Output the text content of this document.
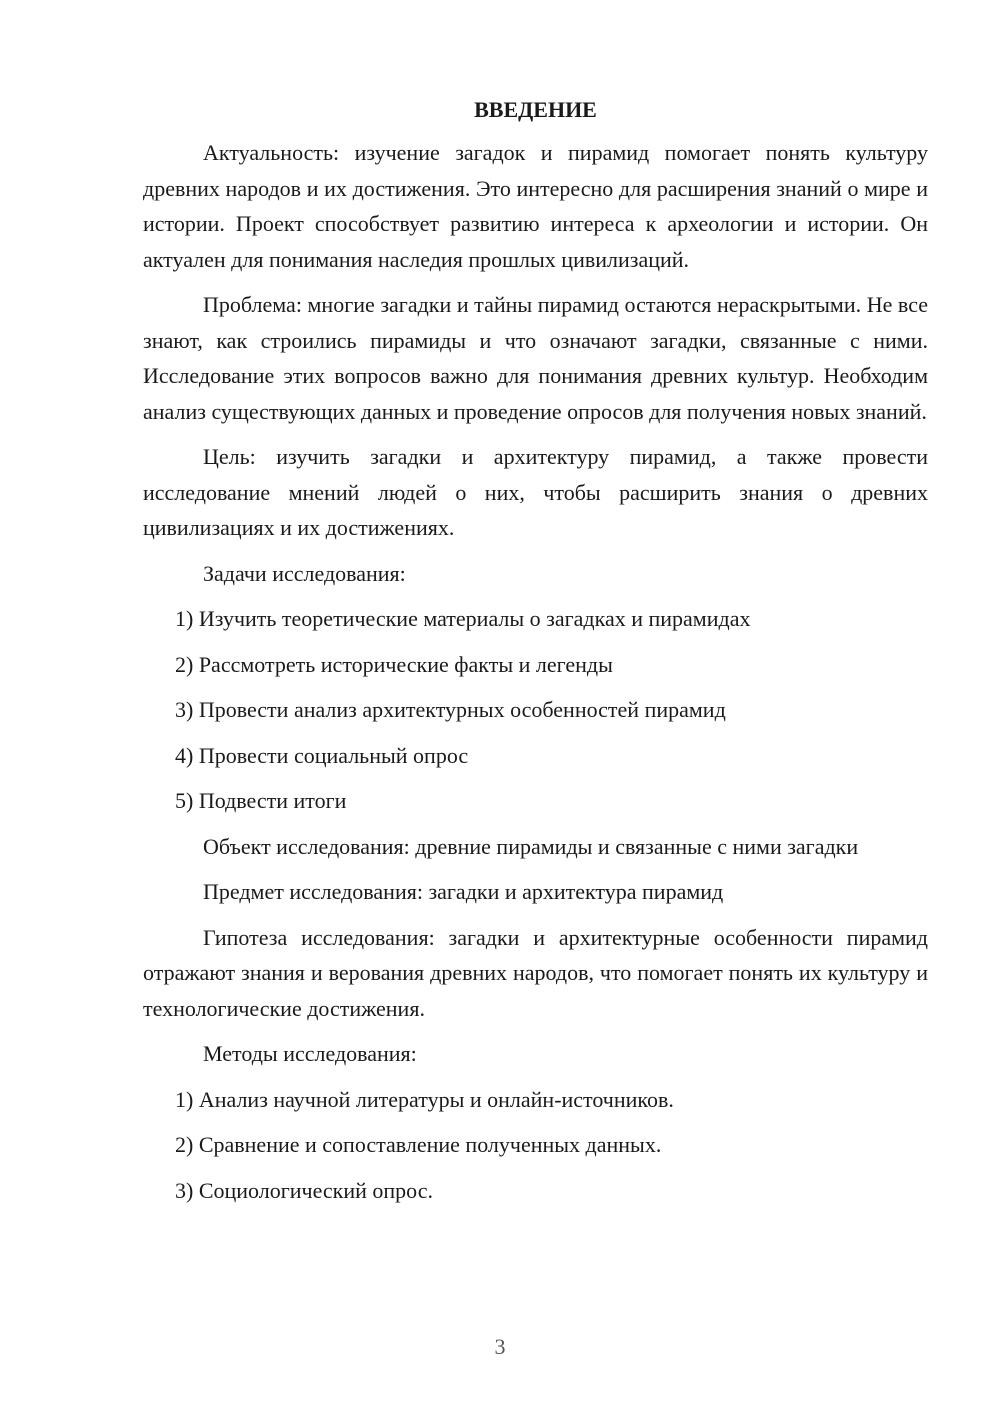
ВВЕДЕНИЕ

Актуальность: изучение загадок и пирамид помогает понять культуру древних народов и их достижения. Это интересно для расширения знаний о мире и истории. Проект способствует развитию интереса к археологии и истории. Он актуален для понимания наследия прошлых цивилизаций.

Проблема: многие загадки и тайны пирамид остаются нераскрытыми. Не все знают, как строились пирамиды и что означают загадки, связанные с ними. Исследование этих вопросов важно для понимания древних культур. Необходим анализ существующих данных и проведение опросов для получения новых знаний.

Цель: изучить загадки и архитектуру пирамид, а также провести исследование мнений людей о них, чтобы расширить знания о древних цивилизациях и их достижениях.

Задачи исследования:

1) Изучить теоретические материалы о загадках и пирамидах
2) Рассмотреть исторические факты и легенды
3) Провести анализ архитектурных особенностей пирамид
4) Провести социальный опрос
5) Подвести итоги

Объект исследования: древние пирамиды и связанные с ними загадки

Предмет исследования: загадки и архитектура пирамид

Гипотеза исследования: загадки и архитектурные особенности пирамид отражают знания и верования древних народов, что помогает понять их культуру и технологические достижения.

Методы исследования:

1) Анализ научной литературы и онлайн-источников.
2) Сравнение и сопоставление полученных данных.
3) Социологический опрос.
3
